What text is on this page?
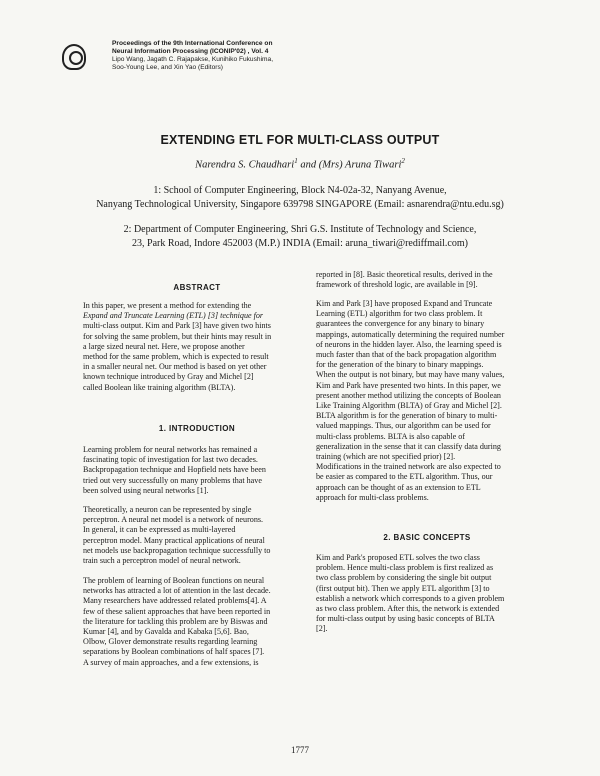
Proceedings of the 9th International Conference on
Neural Information Processing (ICONIP'02) , Vol. 4
Lipo Wang, Jagath C. Rajapakse, Kunihiko Fukushima,
Soo-Young Lee, and Xin Yao (Editors)
EXTENDING ETL FOR MULTI-CLASS OUTPUT
Narendra S. Chaudhari$^1$ and (Mrs) Aruna Tiwari$^2$
1: School of Computer Engineering, Block N4-02a-32, Nanyang Avenue,
Nanyang Technological University, Singapore 639798 SINGAPORE (Email: asnarendra@ntu.edu.sg)
2: Department of Computer Engineering, Shri G.S. Institute of Technology and Science,
23, Park Road, Indore 452003 (M.P.) INDIA (Email: aruna_tiwari@rediffmail.com)
ABSTRACT
In this paper, we present a method for extending the
Expand and Truncate Learning (ETL) [3] technique for
multi-class output. Kim and Park [3] have given two hints
for solving the same problem, but their hints may result in
a large sized neural net. Here, we propose another
method for the same problem, which is expected to result
in a smaller neural net. Our method is based on yet other
known technique introduced by Gray and Michel [2]
called Boolean like training algorithm (BLTA).
1. INTRODUCTION
Learning problem for neural networks has remained a
fascinating topic of investigation for last two decades.
Backpropagation technique and Hopfield nets have been
tried out very successfully on many problems that have
been solved using neural networks [1].
Theoretically, a neuron can be represented by single
perceptron. A neural net model is a network of neurons.
In general, it can be expressed as multi-layered
perceptron model. Many practical applications of neural
net models use backpropagation technique successfully to
train such a perceptron model of neural network.
The problem of learning of Boolean functions on neural
networks has attracted a lot of attention in the last decade.
Many researchers have addressed related problems[4]. A
few of these salient approaches that have been reported in
the literature for tackling this problem are by Biswas and
Kumar [4], and by Gavalda and Kabaka [5,6]. Bao,
Olbow, Glover demonstrate results regarding learning
separations by Boolean combinations of half spaces [7].
A survey of main approaches, and a few extensions, is
reported in [8]. Basic theoretical results, derived in the
framework of threshold logic, are available in [9].
Kim and Park [3] have proposed Expand and Truncate
Learning (ETL) algorithm for two class problem. It
guarantees the convergence for any binary to binary
mappings, automatically determining the required number
of neurons in the hidden layer. Also, the learning speed is
much faster than that of the back propagation algorithm
for the generation of the binary to binary mappings.
When the output is not binary, but may have many values,
Kim and Park have presented two hints. In this paper, we
present another method utilizing the concepts of Boolean
Like Training Algorithm (BLTA) of Gray and Michel [2].
BLTA algorithm is for the generation of binary to multi-
valued mappings. Thus, our algorithm can be used for
multi-class problems. BLTA is also capable of
generalization in the sense that it can classify data during
training (which are not specified prior) [2].
Modifications in the trained network are also expected to
be easier as compared to the ETL algorithm. Thus, our
approach can be thought of as an extension to ETL
approach for multi-class problems.
2. BASIC CONCEPTS
Kim and Park's proposed ETL solves the two class
problem. Hence multi-class problem is first realized as
two class problem by considering the single bit output
(first output bit). Then we apply ETL algorithm [3] to
establish a network which corresponds to a given problem
as two class problem. After this, the network is extended
for multi-class output by using basic concepts of BLTA
[2].
1777
